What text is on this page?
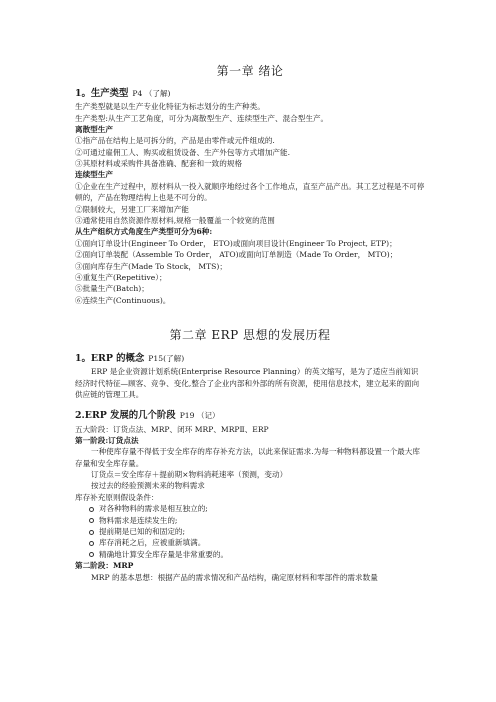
第一章 绪论

1。生产类型 P4 （了解)

生产类型就是以生产专业化特征为标志划分的生产种类。

生产类型:从生产工艺角度，可分为离散型生产、连续型生产、混合型生产。

离散型生产

①指产品在结构上是可拆分的，产品是由零件或元件组成的.

②可通过雇佣工人、购买或租赁设备、生产外包等方式增加产能.

③其原材料或采购件具备准确、配套和一致的规格

连续型生产

①企业在生产过程中，原材料从一投入就顺序地经过各个工作地点，直至产品产出。其工艺过程是不可停顿的，产品在物理结构上也是不可分的。

②限制较大，另建工厂来增加产能

③通常使用自然资源作原材料,规格一般覆盖一个较宽的范围

从生产组织方式角度生产类型可分为6种:

①面向订单设计(Engineer To Order， ETO)或面向项目设计(Engineer To Project, ETP)；

②面向订单装配（Assemble To Order， ATO)或面向订单制造（Made To Order， MTO)；

③面向库存生产(Made To Stock， MTS)；

④重复生产(Repetitive）；

⑤批量生产(Batch)；

⑥连续生产(Continuous)。

第二章 ERP 思想的发展历程

1。ERP 的概念 P15(了解)

ERP 是企业资源计划系统(Enterprise Resource Planning）的英文缩写，是为了适应当前知识经济时代特征—顾客、竞争、变化,整合了企业内部和外部的所有资源，使用信息技术，建立起来的面向供应链的管理工具。

2.ERP 发展的几个阶段 P19 （记）

五大阶段：订货点法、MRP、闭环 MRP、MRPⅡ、ERP

第一阶段:订货点法

一种使库存量不得低于安全库存的库存补充方法，以此来保证需求.为每一种物料都设置一个最大库存量和安全库存量。

订货点＝安全库存＋提前期×物料消耗速率（预测，变动）

按过去的经验预测未来的物料需求

库存补充原则假设条件：

对各种物料的需求是相互独立的;
物料需求是连续发生的;
提前期是已知的和固定的;
库存消耗之后，应被重新填满。
精确地计算安全库存量是非常重要的。

第二阶段：MRP

MRP 的基本思想：根据产品的需求情况和产品结构，确定原材料和零部件的需求数量
